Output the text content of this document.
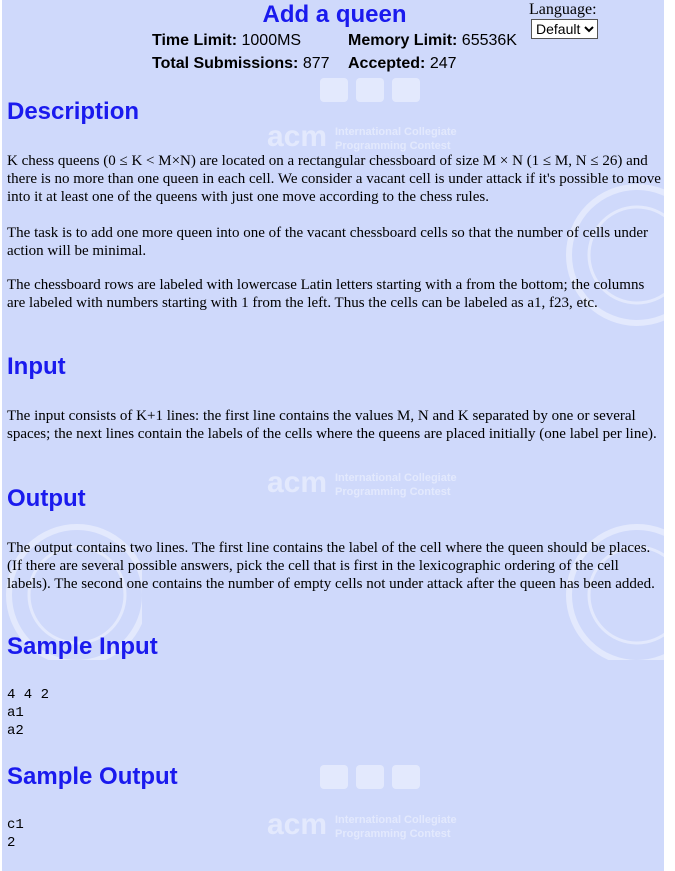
acm International Collegiate
Programming Contest
acm International Collegiate
Programming Contest
acm International Collegiate
Programming Contest
Add a queen	Language:
Default
Time Limit: 1000MS	Memory Limit: 65536K
Total Submissions: 877 Accepted: 247
Description

K chess queens (0 ≤ K < M×N) are located on a rectangular chessboard of size M × N (1 ≤ M, N ≤ 26) and there is no more than one queen in each cell. We consider a vacant cell is under attack if it's possible to move into it at least one of the queens with just one move according to the chess rules.

The task is to add one more queen into one of the vacant chessboard cells so that the number of cells under action will be minimal.

The chessboard rows are labeled with lowercase Latin letters starting with a from the bottom; the columns are labeled with numbers starting with 1 from the left. Thus the cells can be labeled as a1, f23, etc.

Input

The input consists of K+1 lines: the first line contains the values M, N and K separated by one or several spaces; the next lines contain the labels of the cells where the queens are placed initially (one label per line).

Output

The output contains two lines. The first line contains the label of the cell where the queen should be places. (If there are several possible answers, pick the cell that is first in the lexicographic ordering of the cell labels). The second one contains the number of empty cells not under attack after the queen has been added.

Sample Input
4 4 2
a1
a2
Sample Output
c1
2
